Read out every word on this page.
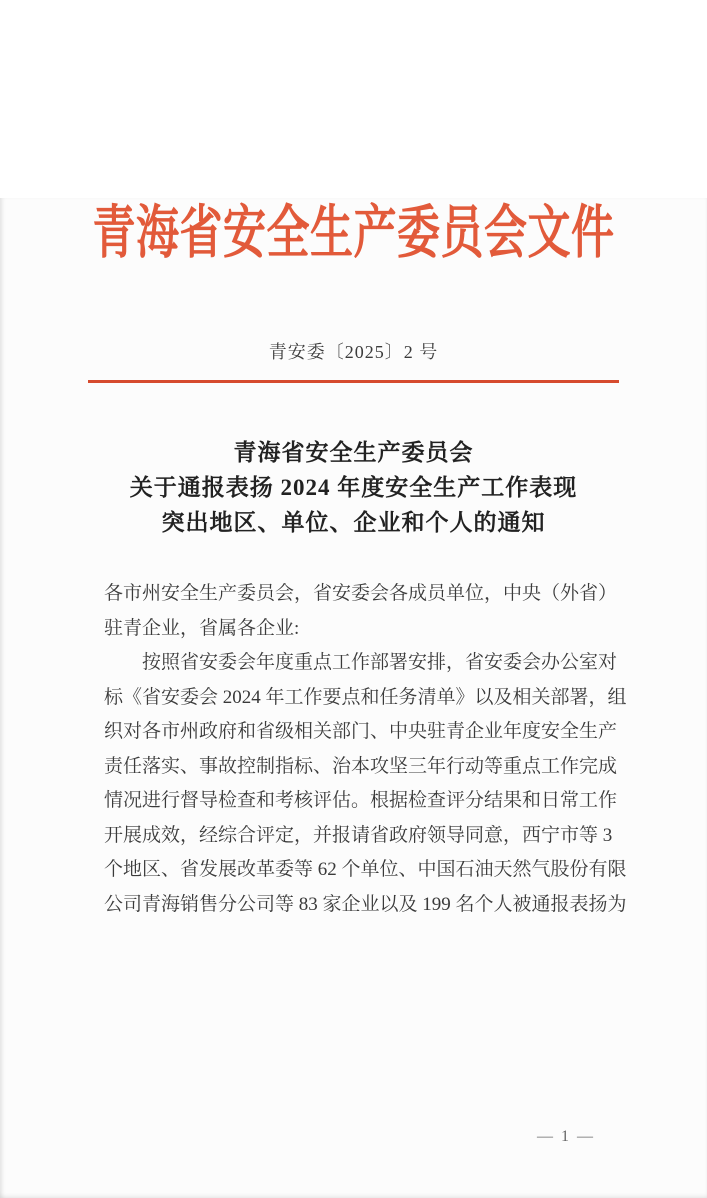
青海省安全生产委员会文件
青安委〔2025〕2 号
青海省安全生产委员会
关于通报表扬 2024 年度安全生产工作表现
突出地区、单位、企业和个人的通知
各市州安全生产委员会，省安委会各成员单位，中央（外省）
驻青企业，省属各企业:
　　按照省安委会年度重点工作部署安排，省安委会办公室对
标《省安委会 2024 年工作要点和任务清单》以及相关部署，组
织对各市州政府和省级相关部门、中央驻青企业年度安全生产
责任落实、事故控制指标、治本攻坚三年行动等重点工作完成
情况进行督导检查和考核评估。根据检查评分结果和日常工作
开展成效，经综合评定，并报请省政府领导同意，西宁市等 3
个地区、省发展改革委等 62 个单位、中国石油天然气股份有限
公司青海销售分公司等 83 家企业以及 199 名个人被通报表扬为
— 1 —
